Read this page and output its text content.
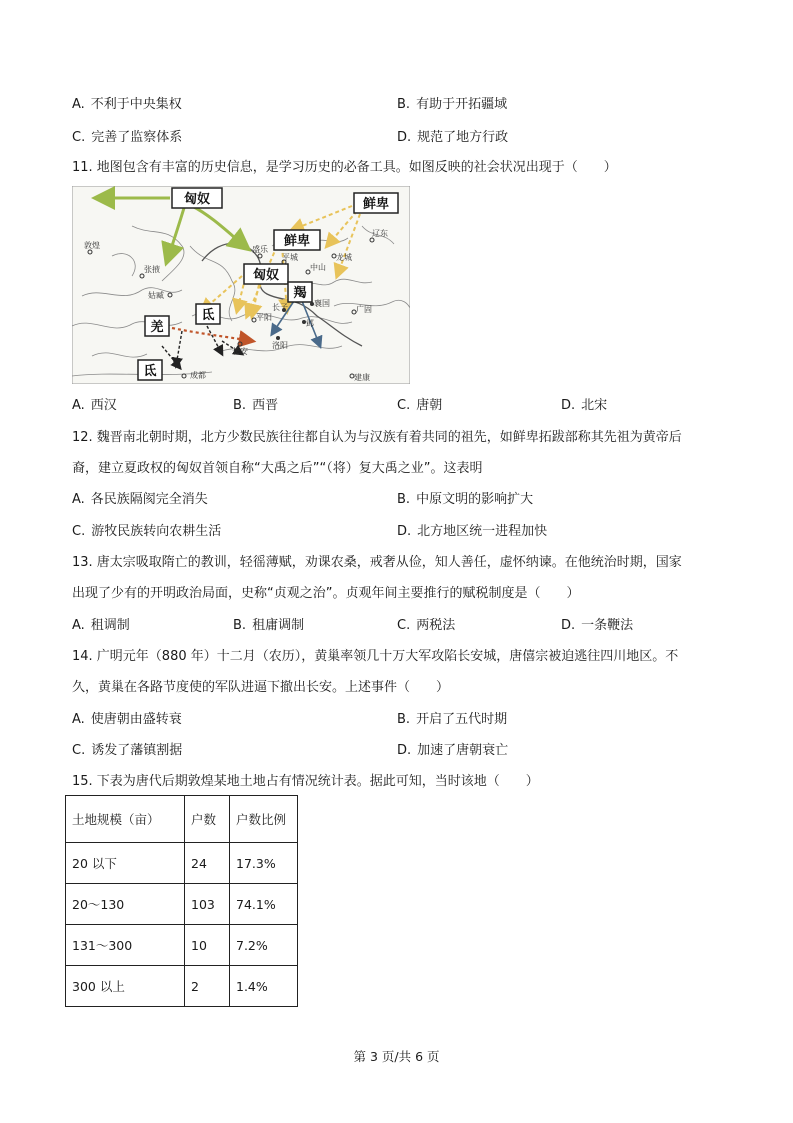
A. 不利于中央集权	B. 有助于开拓疆域
C. 完善了监察体系	D. 规范了地方行政
11. 地图包含有丰富的历史信息，是学习历史的必备工具。如图反映的社会状况出现于（　　）
匈奴	鲜卑
鲜卑
匈奴
羯
羌
氐
氐
敦煌
张掖
姑臧
盛乐
平城
中山
龙城
辽东
长子
邺
襄国
广固
平阳
洛阳
长安
成都	建康
A. 西汉	B. 西晋	C. 唐朝	D. 北宋
12. 魏晋南北朝时期，北方少数民族往往都自认为与汉族有着共同的祖先，如鲜卑拓跋部称其先祖为黄帝后
裔，建立夏政权的匈奴首领自称“大禹之后”“（将）复大禹之业”。这表明
A. 各民族隔阂完全消失	B. 中原文明的影响扩大
C. 游牧民族转向农耕生活	D. 北方地区统一进程加快
13. 唐太宗吸取隋亡的教训，轻徭薄赋，劝课农桑，戒奢从俭，知人善任，虚怀纳谏。在他统治时期，国家
出现了少有的开明政治局面，史称“贞观之治”。贞观年间主要推行的赋税制度是（　　）
A. 租调制	B. 租庸调制	C. 两税法	D. 一条鞭法
14. 广明元年（880 年）十二月（农历），黄巢率领几十万大军攻陷长安城，唐僖宗被迫逃往四川地区。不
久，黄巢在各路节度使的军队进逼下撤出长安。上述事件（　　）
A. 使唐朝由盛转衰	B. 开启了五代时期
C. 诱发了藩镇割据	D. 加速了唐朝衰亡
15. 下表为唐代后期敦煌某地土地占有情况统计表。据此可知，当时该地（　　）
土地规模（亩）	户数	户数比例
20 以下	24	17.3%
20～130	103	74.1%
131～300	10	7.2%
300 以上	2	1.4%
第 3 页/共 6 页
